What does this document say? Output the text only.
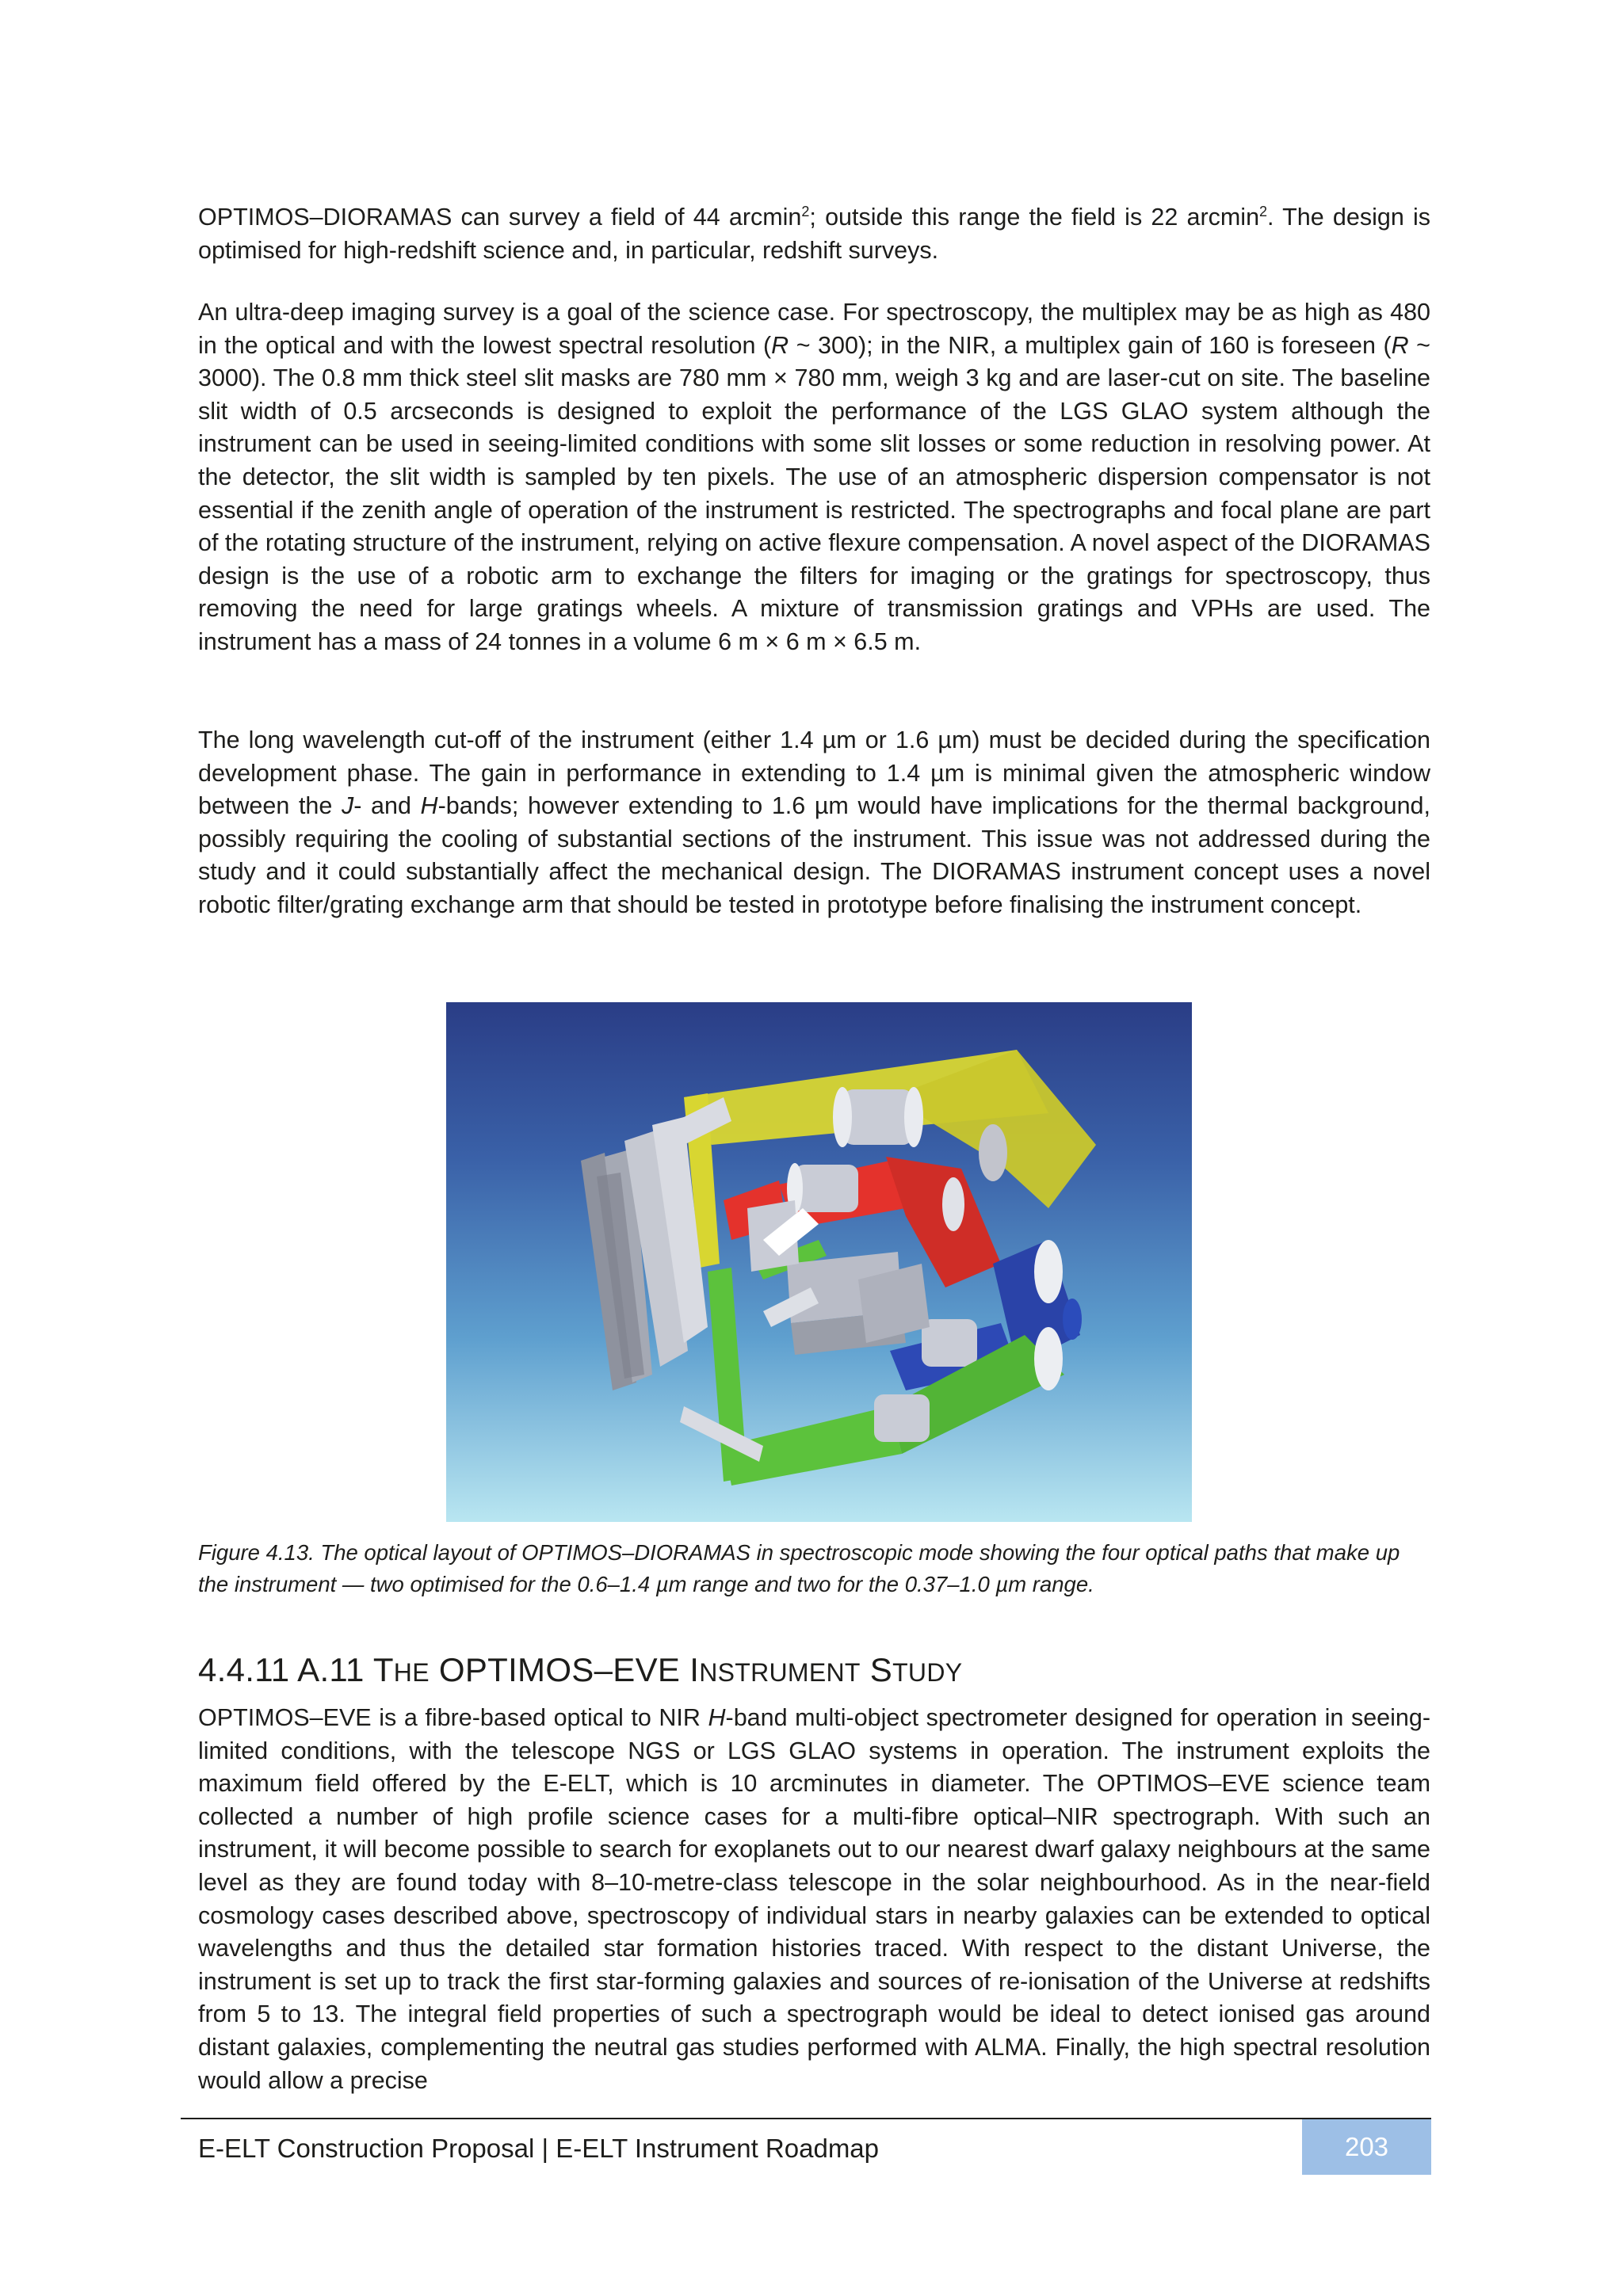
OPTIMOS–DIORAMAS can survey a field of 44 arcmin$^2$; outside this range the field is 22 arcmin$^2$. The design is optimised for high-redshift science and, in particular, redshift surveys.

An ultra-deep imaging survey is a goal of the science case. For spectroscopy, the multiplex may be as high as 480 in the optical and with the lowest spectral resolution (R ~ 300); in the NIR, a multiplex gain of 160 is foreseen (R ~ 3000). The 0.8 mm thick steel slit masks are 780 mm × 780 mm, weigh 3 kg and are laser-cut on site. The baseline slit width of 0.5 arcseconds is designed to exploit the performance of the LGS GLAO system although the instrument can be used in seeing-limited conditions with some slit losses or some reduction in resolving power. At the detector, the slit width is sampled by ten pixels. The use of an atmospheric dispersion compensator is not essential if the zenith angle of operation of the instrument is restricted. The spectrographs and focal plane are part of the rotating structure of the instrument, relying on active flexure compensation. A novel aspect of the DIORAMAS design is the use of a robotic arm to exchange the filters for imaging or the gratings for spectroscopy, thus removing the need for large gratings wheels. A mixture of transmission gratings and VPHs are used. The instrument has a mass of 24 tonnes in a volume 6 m × 6 m × 6.5 m.

The long wavelength cut-off of the instrument (either 1.4 µm or 1.6 µm) must be decided during the specification development phase. The gain in performance in extending to 1.4 µm is minimal given the atmospheric window between the J- and H-bands; however extending to 1.6 µm would have implications for the thermal background, possibly requiring the cooling of substantial sections of the instrument. This issue was not addressed during the study and it could substantially affect the mechanical design. The DIORAMAS instrument concept uses a novel robotic filter/grating exchange arm that should be tested in prototype before finalising the instrument concept.

Figure 4.13. The optical layout of OPTIMOS–DIORAMAS in spectroscopic mode showing the four optical paths that make up the instrument — two optimised for the 0.6–1.4 µm range and two for the 0.37–1.0 µm range.

4.4.11 A.11 THE OPTIMOS–EVE INSTRUMENT STUDY

OPTIMOS–EVE is a fibre-based optical to NIR H-band multi-object spectrometer designed for operation in seeing-limited conditions, with the telescope NGS or LGS GLAO systems in operation. The instrument exploits the maximum field offered by the E-ELT, which is 10 arcminutes in diameter. The OPTIMOS–EVE science team collected a number of high profile science cases for a multi-fibre optical–NIR spectrograph. With such an instrument, it will become possible to search for exoplanets out to our nearest dwarf galaxy neighbours at the same level as they are found today with 8–10-metre-class telescope in the solar neighbourhood. As in the near-field cosmology cases described above, spectroscopy of individual stars in nearby galaxies can be extended to optical wavelengths and thus the detailed star formation histories traced. With respect to the distant Universe, the instrument is set up to track the first star-forming galaxies and sources of re-ionisation of the Universe at redshifts from 5 to 13. The integral field properties of such a spectrograph would be ideal to detect ionised gas around distant galaxies, complementing the neutral gas studies performed with ALMA. Finally, the high spectral resolution would allow a precise

E-ELT Construction Proposal | E-ELT Instrument Roadmap	203
